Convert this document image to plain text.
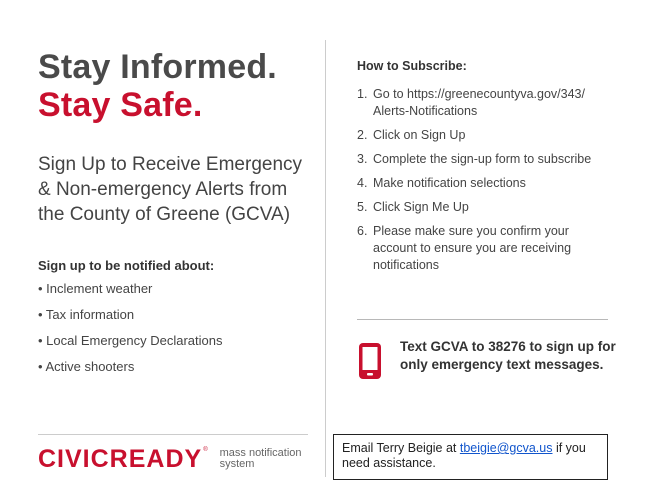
Stay Informed.
Stay Safe.
Sign Up to Receive Emergency & Non-emergency Alerts from the County of Greene (GCVA)
Sign up to be notified about:
• Inclement weather
• Tax information
• Local Emergency Declarations
• Active shooters
How to Subscribe:
1. Go to https://greenecountyva.gov/343/ Alerts-Notifications
2. Click on Sign Up
3. Complete the sign-up form to subscribe
4. Make notification selections
5. Click Sign Me Up
6. Please make sure you confirm your account to ensure you are receiving notifications
Text GCVA to 38276 to sign up for only emergency text messages.
CIVICREADY ® mass notification system
Email Terry Beigie at tbeigie@gcva.us if you need assistance.
